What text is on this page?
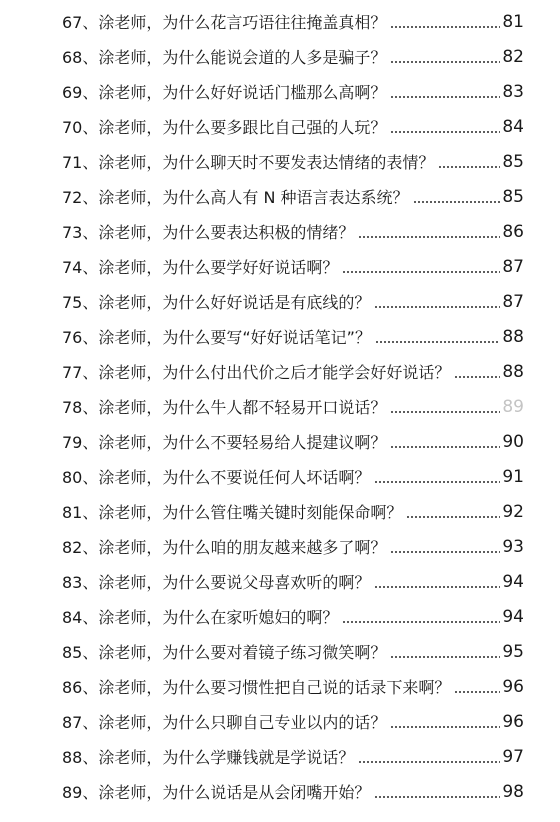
67、 涂老师，为什么花言巧语往往掩盖真相？	81
68、 涂老师，为什么能说会道的人多是骗子？	82
69、 涂老师，为什么好好说话门槛那么高啊？	83
70、 涂老师，为什么要多跟比自己强的人玩？	84
71、 涂老师，为什么聊天时不要发表达情绪的表情？	85
72、 涂老师，为什么高人有 N 种语言表达系统？	85
73、 涂老师，为什么要表达积极的情绪？	86
74、 涂老师，为什么要学好好说话啊？	87
75、 涂老师，为什么好好说话是有底线的？	87
76、 涂老师，为什么要写“好好说话笔记”？	88
77、 涂老师，为什么付出代价之后才能学会好好说话？	88
78、 涂老师，为什么牛人都不轻易开口说话？	89
79、 涂老师，为什么不要轻易给人提建议啊？	90
80、 涂老师，为什么不要说任何人坏话啊？	91
81、 涂老师，为什么管住嘴关键时刻能保命啊？	92
82、 涂老师，为什么咱的朋友越来越多了啊？	93
83、 涂老师，为什么要说父母喜欢听的啊？	94
84、 涂老师，为什么在家听媳妇的啊？	94
85、 涂老师，为什么要对着镜子练习微笑啊？	95
86、 涂老师，为什么要习惯性把自己说的话录下来啊？	96
87、 涂老师，为什么只聊自己专业以内的话？	96
88、 涂老师，为什么学赚钱就是学说话？	97
89、 涂老师，为什么说话是从会闭嘴开始？	98
